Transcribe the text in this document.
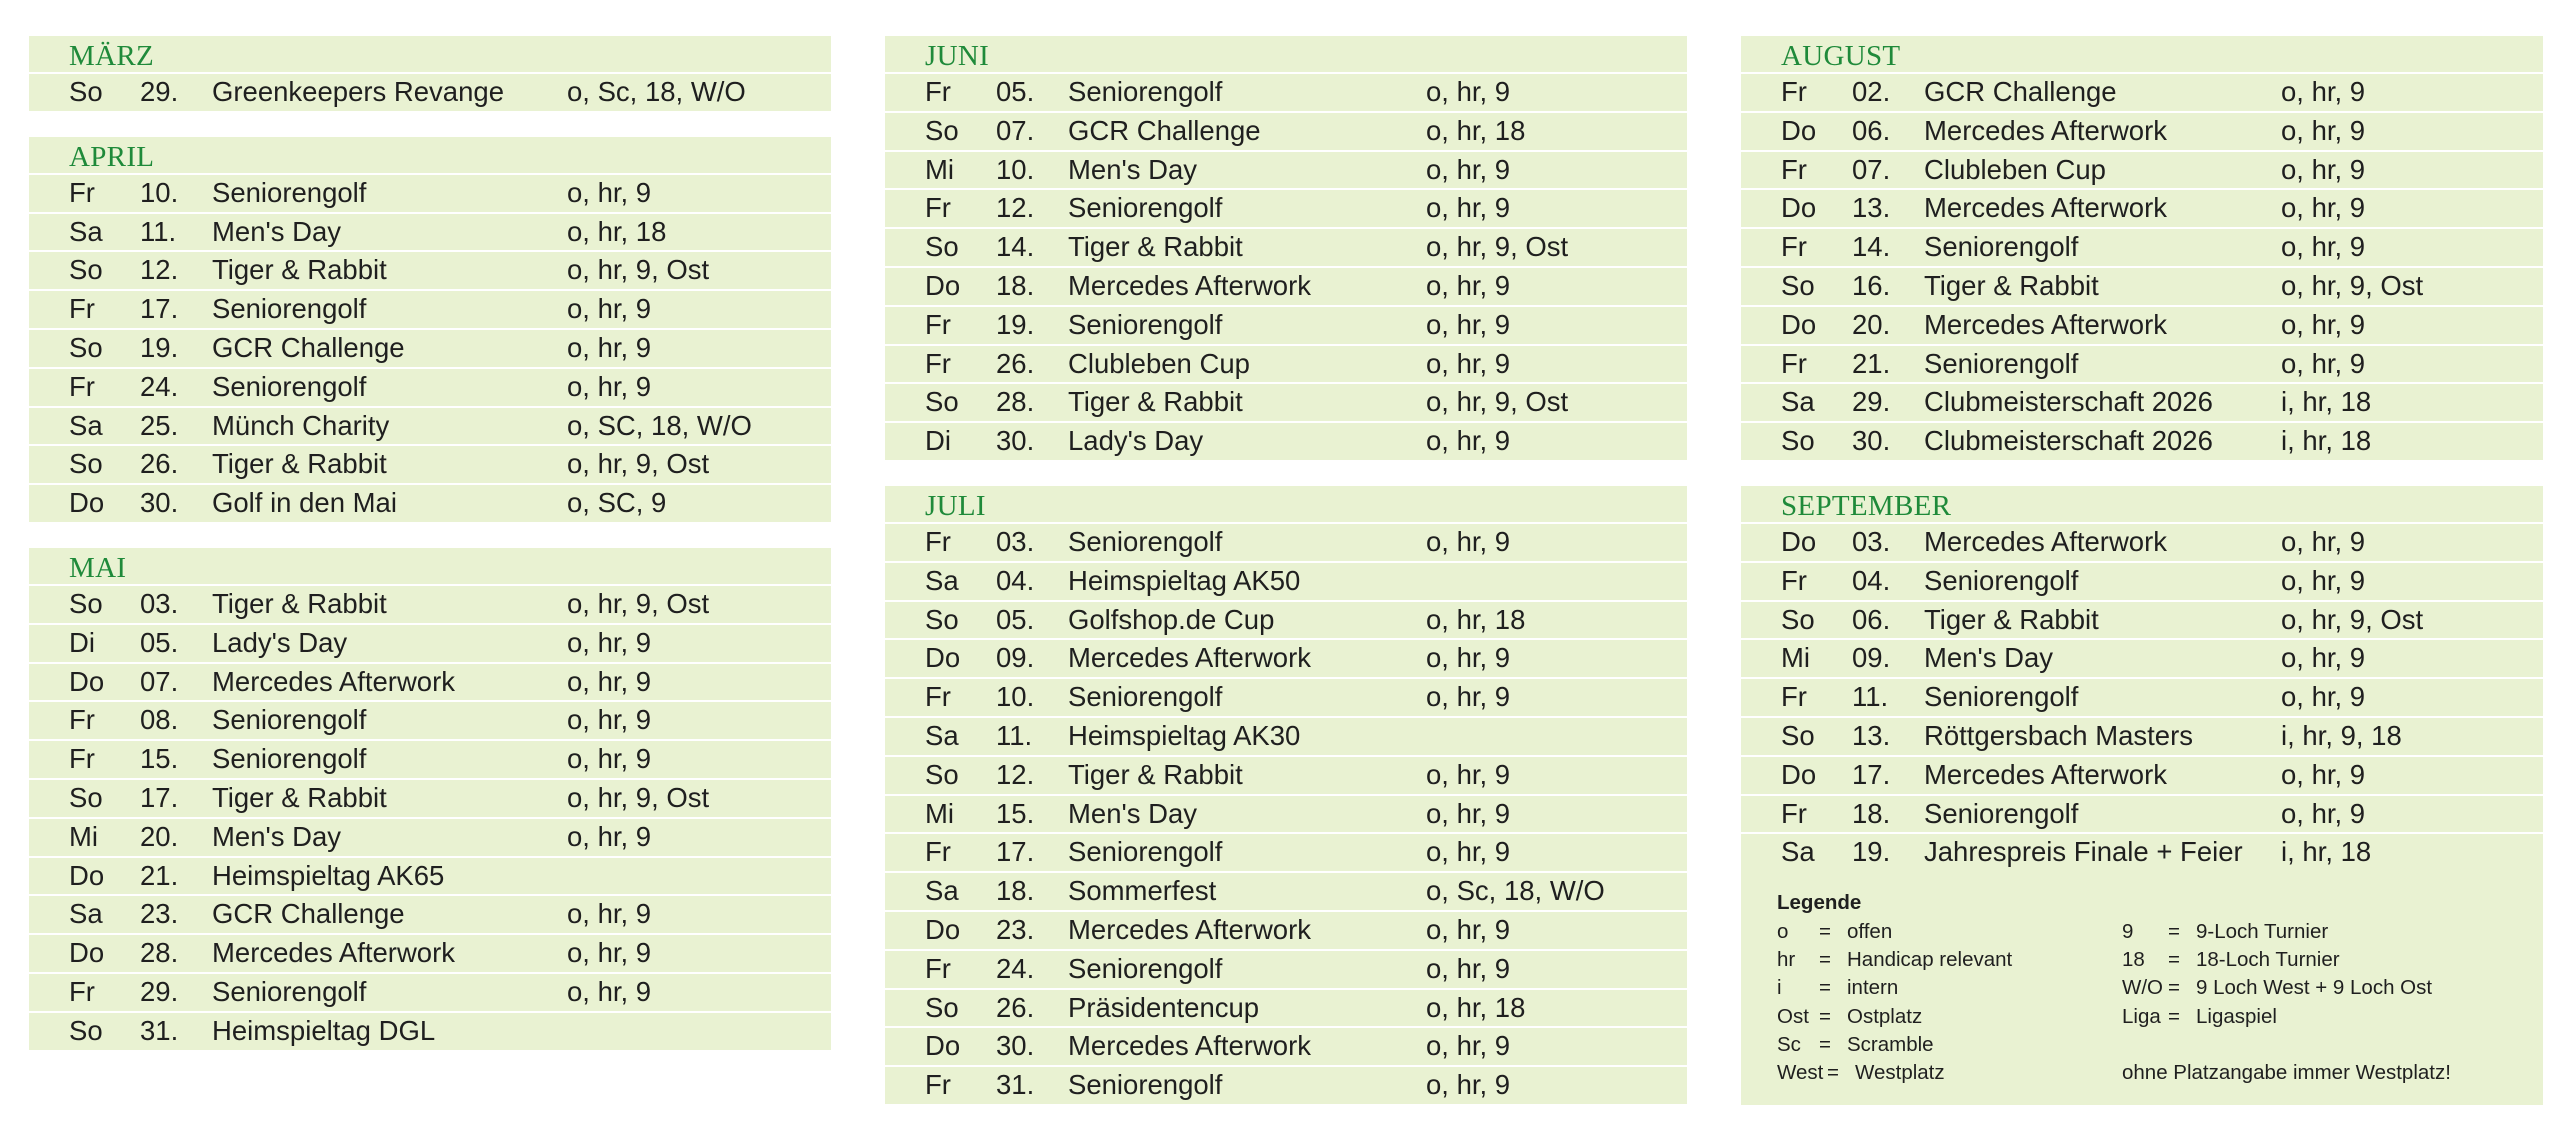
MÄRZ
So 29. Greenkeepers Revange o, Sc, 18, W/O
APRIL
Fr 10. Seniorengolf	o, hr, 9
Sa 11. Men's Day	o, hr, 18
So 12. Tiger & Rabbit	o, hr, 9, Ost
Fr 17. Seniorengolf	o, hr, 9
So 19. GCR Challenge	o, hr, 9
Fr 24. Seniorengolf	o, hr, 9
Sa 25. Münch Charity	o, SC, 18, W/O
So 26. Tiger & Rabbit	o, hr, 9, Ost
Do 30. Golf in den Mai	o, SC, 9
MAI
So 03. Tiger & Rabbit	o, hr, 9, Ost
Di 05. Lady's Day	o, hr, 9
Do 07. Mercedes Afterwork	o, hr, 9
Fr 08. Seniorengolf	o, hr, 9
Fr 15. Seniorengolf	o, hr, 9
So 17. Tiger & Rabbit	o, hr, 9, Ost
Mi 20. Men's Day	o, hr, 9
Do 21. Heimspieltag AK65
Sa 23. GCR Challenge	o, hr, 9
Do 28. Mercedes Afterwork	o, hr, 9
Fr 29. Seniorengolf	o, hr, 9
So 31. Heimspieltag DGL
JUNI
Fr 05. Seniorengolf	o, hr, 9
So 07. GCR Challenge	o, hr, 18
Mi 10. Men's Day	o, hr, 9
Fr 12. Seniorengolf	o, hr, 9
So 14. Tiger & Rabbit	o, hr, 9, Ost
Do 18. Mercedes Afterwork	o, hr, 9
Fr 19. Seniorengolf	o, hr, 9
Fr 26. Clubleben Cup	o, hr, 9
So 28. Tiger & Rabbit	o, hr, 9, Ost
Di 30. Lady's Day	o, hr, 9
JULI
Fr 03. Seniorengolf	o, hr, 9
Sa 04. Heimspieltag AK50
So 05. Golfshop.de Cup	o, hr, 18
Do 09. Mercedes Afterwork	o, hr, 9
Fr 10. Seniorengolf	o, hr, 9
Sa 11. Heimspieltag AK30
So 12. Tiger & Rabbit	o, hr, 9
Mi 15. Men's Day	o, hr, 9
Fr 17. Seniorengolf	o, hr, 9
Sa 18. Sommerfest	o, Sc, 18, W/O
Do 23. Mercedes Afterwork	o, hr, 9
Fr 24. Seniorengolf	o, hr, 9
So 26. Präsidentencup	o, hr, 18
Do 30. Mercedes Afterwork	o, hr, 9
Fr 31. Seniorengolf	o, hr, 9
AUGUST
Fr 02. GCR Challenge	o, hr, 9
Do 06. Mercedes Afterwork	o, hr, 9
Fr 07. Clubleben Cup	o, hr, 9
Do 13. Mercedes Afterwork	o, hr, 9
Fr 14. Seniorengolf	o, hr, 9
So 16. Tiger & Rabbit	o, hr, 9, Ost
Do 20. Mercedes Afterwork	o, hr, 9
Fr 21. Seniorengolf	o, hr, 9
Sa 29. Clubmeisterschaft 2026 i, hr, 18
So 30. Clubmeisterschaft 2026 i, hr, 18
SEPTEMBER
Do 03. Mercedes Afterwork	o, hr, 9
Fr 04. Seniorengolf	o, hr, 9
So 06. Tiger & Rabbit	o, hr, 9, Ost
Mi 09. Men's Day	o, hr, 9
Fr 11. Seniorengolf	o, hr, 9
So 13. Röttgersbach Masters	i, hr, 9, 18
Do 17. Mercedes Afterwork	o, hr, 9
Fr 18. Seniorengolf	o, hr, 9
Sa 19. Jahrespreis Finale + Feier i, hr, 18
Legende
o = offen
hr = Handicap relevant
i = intern
Ost = Ostplatz
Sc = Scramble
West = Westplatz
9 = 9-Loch Turnier
18 = 18-Loch Turnier
W/O = 9 Loch West + 9 Loch Ost
Liga = Ligaspiel
ohne Platzangabe immer Westplatz!
